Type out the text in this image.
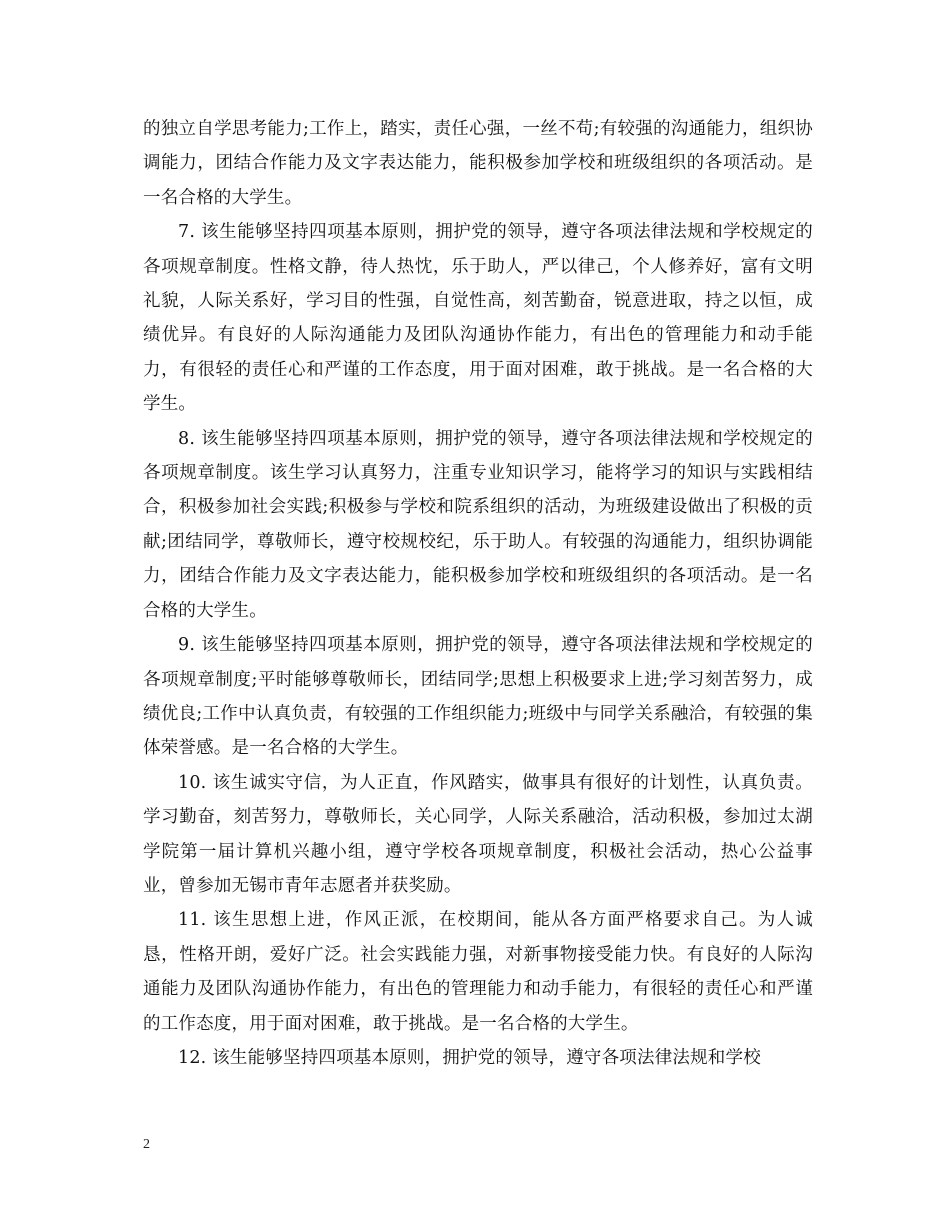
的独立自学思考能力;工作上，踏实，责任心强，一丝不苟;有较强的沟通能力，组织协调能力，团结合作能力及文字表达能力，能积极参加学校和班级组织的各项活动。是一名合格的大学生。

7. 该生能够坚持四项基本原则，拥护党的领导，遵守各项法律法规和学校规定的各项规章制度。性格文静，待人热忱，乐于助人，严以律己，个人修养好，富有文明礼貌，人际关系好，学习目的性强，自觉性高，刻苦勤奋，锐意进取，持之以恒，成绩优异。有良好的人际沟通能力及团队沟通协作能力，有出色的管理能力和动手能力，有很轻的责任心和严谨的工作态度，用于面对困难，敢于挑战。是一名合格的大学生。

8. 该生能够坚持四项基本原则，拥护党的领导，遵守各项法律法规和学校规定的各项规章制度。该生学习认真努力，注重专业知识学习，能将学习的知识与实践相结合，积极参加社会实践;积极参与学校和院系组织的活动，为班级建设做出了积极的贡献;团结同学，尊敬师长，遵守校规校纪，乐于助人。有较强的沟通能力，组织协调能力，团结合作能力及文字表达能力，能积极参加学校和班级组织的各项活动。是一名合格的大学生。

9. 该生能够坚持四项基本原则，拥护党的领导，遵守各项法律法规和学校规定的各项规章制度;平时能够尊敬师长，团结同学;思想上积极要求上进;学习刻苦努力，成绩优良;工作中认真负责，有较强的工作组织能力;班级中与同学关系融洽，有较强的集体荣誉感。是一名合格的大学生。

10. 该生诚实守信，为人正直，作风踏实，做事具有很好的计划性，认真负责。学习勤奋，刻苦努力，尊敬师长，关心同学，人际关系融洽，活动积极，参加过太湖学院第一届计算机兴趣小组，遵守学校各项规章制度，积极社会活动，热心公益事业，曾参加无锡市青年志愿者并获奖励。

11. 该生思想上进，作风正派，在校期间，能从各方面严格要求自己。为人诚恳，性格开朗，爱好广泛。社会实践能力强，对新事物接受能力快。有良好的人际沟通能力及团队沟通协作能力，有出色的管理能力和动手能力，有很轻的责任心和严谨的工作态度，用于面对困难，敢于挑战。是一名合格的大学生。

12. 该生能够坚持四项基本原则，拥护党的领导，遵守各项法律法规和学校

2
